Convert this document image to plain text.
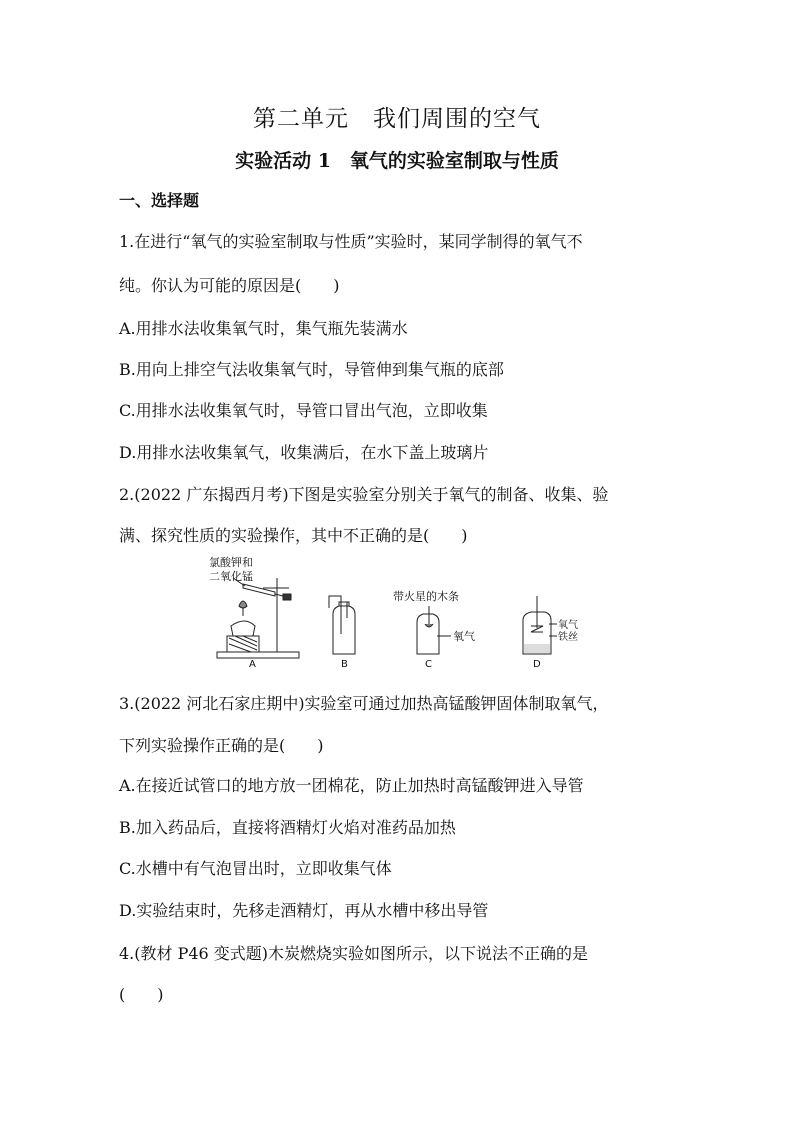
第二单元　我们周围的空气
实验活动 1　氧气的实验室制取与性质
一、选择题
1.在进行“氧气的实验室制取与性质”实验时，某同学制得的氧气不
纯。你认为可能的原因是(　　)
A.用排水法收集氧气时，集气瓶先装满水
B.用向上排空气法收集氧气时，导管伸到集气瓶的底部
C.用排水法收集氧气时，导管口冒出气泡，立即收集
D.用排水法收集氧气，收集满后，在水下盖上玻璃片
2.(2022 广东揭西月考)下图是实验室分别关于氧气的制备、收集、验
满、探究性质的实验操作，其中不正确的是(　　)
氯酸钾和
二氧化锰
带火星的木条
氧气
氧气
铁丝
A	B	C	D
3.(2022 河北石家庄期中)实验室可通过加热高锰酸钾固体制取氧气，
下列实验操作正确的是(　　)
A.在接近试管口的地方放一团棉花，防止加热时高锰酸钾进入导管
B.加入药品后，直接将酒精灯火焰对准药品加热
C.水槽中有气泡冒出时，立即收集气体
D.实验结束时，先移走酒精灯，再从水槽中移出导管
4.(教材 P46 变式题)木炭燃烧实验如图所示，以下说法不正确的是
(　　)
